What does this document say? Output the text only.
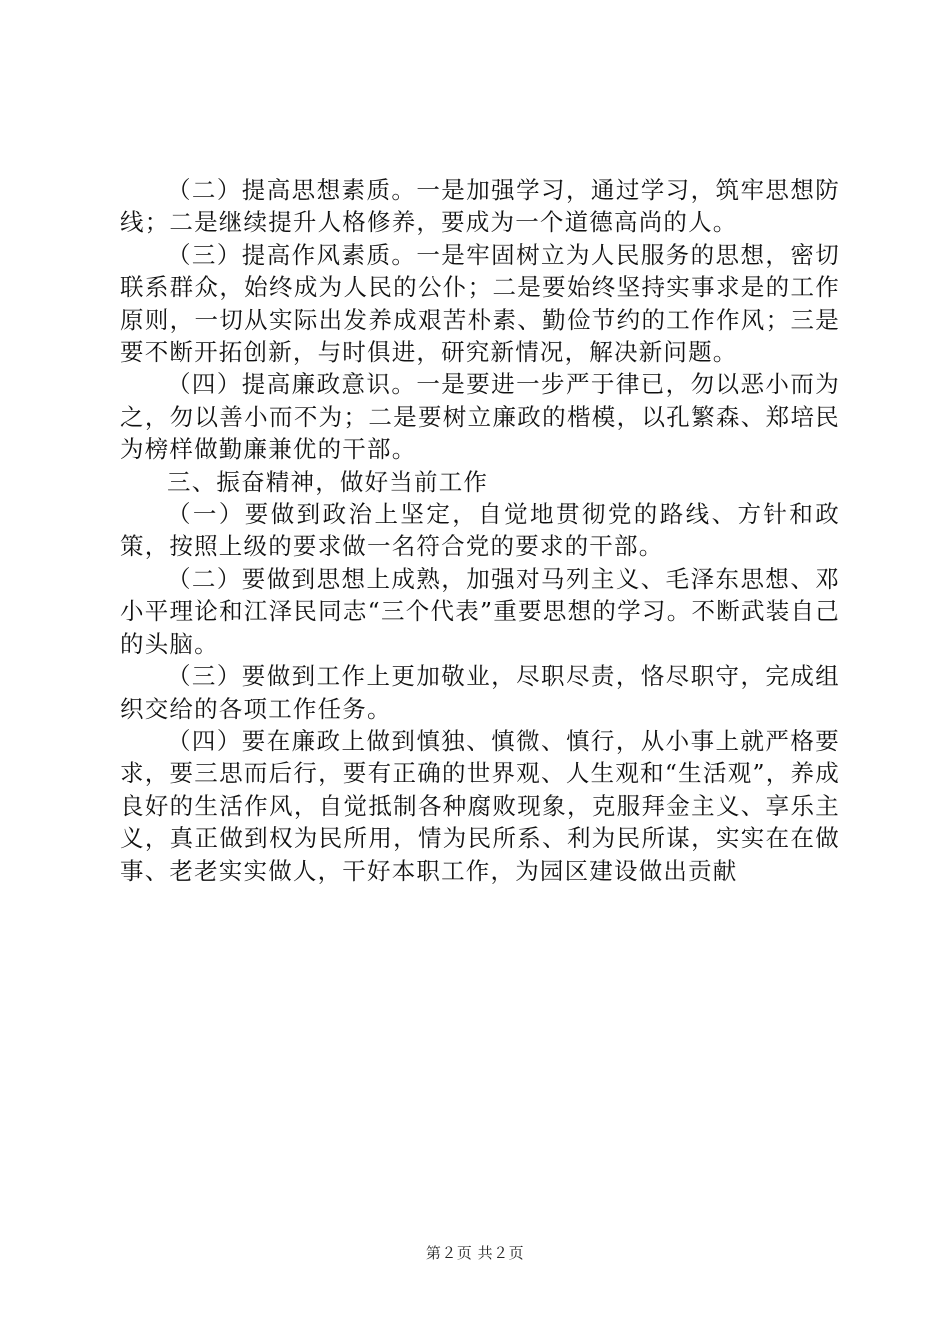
（二）提高思想素质。一是加强学习，通过学习，筑牢思想防线；二是继续提升人格修养，要成为一个道德高尚的人。

（三）提高作风素质。一是牢固树立为人民服务的思想，密切联系群众，始终成为人民的公仆；二是要始终坚持实事求是的工作原则，一切从实际出发养成艰苦朴素、勤俭节约的工作作风；三是要不断开拓创新，与时俱进，研究新情况，解决新问题。

（四）提高廉政意识。一是要进一步严于律已，勿以恶小而为之，勿以善小而不为；二是要树立廉政的楷模，以孔繁森、郑培民为榜样做勤廉兼优的干部。

三、振奋精神，做好当前工作

（一）要做到政治上坚定，自觉地贯彻党的路线、方针和政策，按照上级的要求做一名符合党的要求的干部。

（二）要做到思想上成熟，加强对马列主义、毛泽东思想、邓小平理论和江泽民同志“三个代表”重要思想的学习。不断武装自己的头脑。

（三）要做到工作上更加敬业，尽职尽责，恪尽职守，完成组织交给的各项工作任务。

（四）要在廉政上做到慎独、慎微、慎行，从小事上就严格要求，要三思而后行，要有正确的世界观、人生观和“生活观”，养成良好的生活作风，自觉抵制各种腐败现象，克服拜金主义、享乐主义，真正做到权为民所用，情为民所系、利为民所谋，实实在在做事、老老实实做人，干好本职工作，为园区建设做出贡献

第２页 共２页
